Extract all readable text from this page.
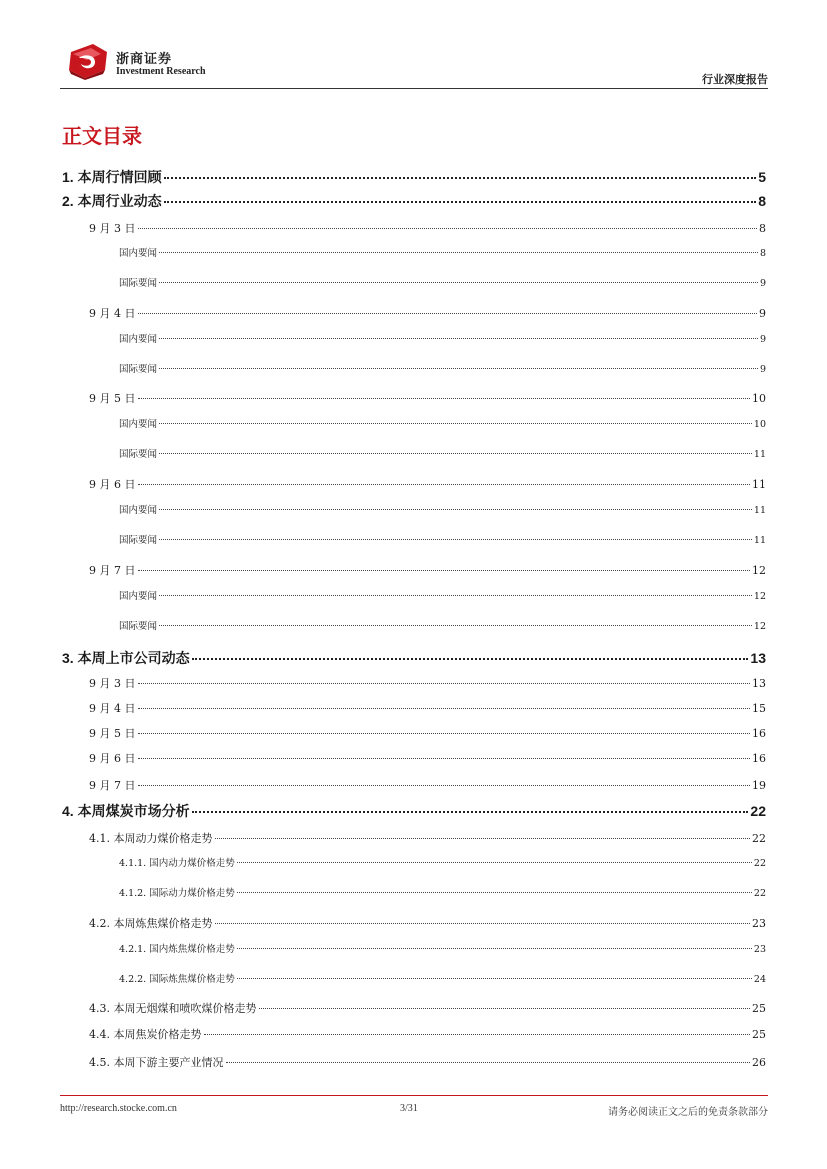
浙商证券
Investment Research
行业深度报告
正文目录
1. 本周行情回顾	5
2. 本周行业动态	8
9 月 3 日	8
国内要闻	8
国际要闻	9
9 月 4 日	9
国内要闻	9
国际要闻	9
9 月 5 日	10
国内要闻	10
国际要闻	11
9 月 6 日	11
国内要闻	11
国际要闻	11
9 月 7 日	12
国内要闻	12
国际要闻	12
3. 本周上市公司动态	13
9 月 3 日	13
9 月 4 日	15
9 月 5 日	16
9 月 6 日	16
9 月 7 日	19
4. 本周煤炭市场分析	22
4.1. 本周动力煤价格走势	22
4.1.1. 国内动力煤价格走势	22
4.1.2. 国际动力煤价格走势	22
4.2. 本周炼焦煤价格走势	23
4.2.1. 国内炼焦煤价格走势	23
4.2.2. 国际炼焦煤价格走势	24
4.3. 本周无烟煤和喷吹煤价格走势	25
4.4. 本周焦炭价格走势	25
4.5. 本周下游主要产业情况	26
http://research.stocke.com.cn	3/31	请务必阅读正文之后的免责条款部分
